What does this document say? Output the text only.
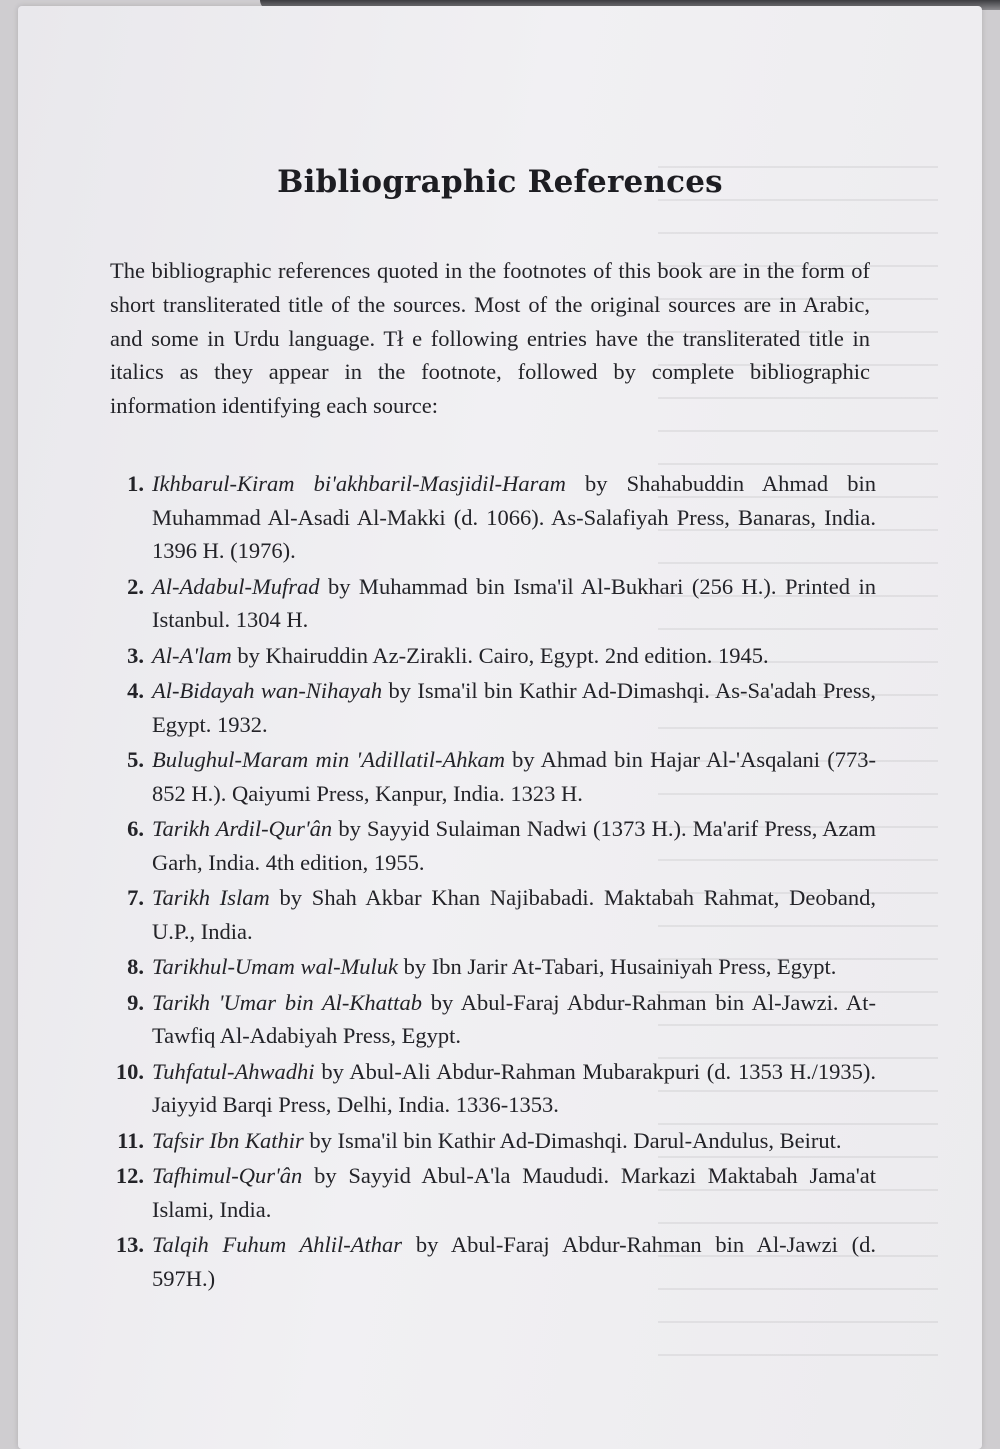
Bibliographic References

The bibliographic references quoted in the footnotes of this book are in the form of short transliterated title of the sources. Most of the original sources are in Arabic, and some in Urdu language. Tł e following entries have the transliterated title in italics as they appear in the footnote, followed by complete bibliographic information identifying each source:

1. Ikhbarul-Kiram bi'akhbaril-Masjidil-Haram by Shahabuddin Ahmad bin Muhammad Al-Asadi Al-Makki (d. 1066). As-Salafiyah Press, Banaras, India. 1396 H. (1976).
2. Al-Adabul-Mufrad by Muhammad bin Isma'il Al-Bukhari (256 H.). Printed in Istanbul. 1304 H.
3. Al-A'lam by Khairuddin Az-Zirakli. Cairo, Egypt. 2nd edition. 1945.
4. Al-Bidayah wan-Nihayah by Isma'il bin Kathir Ad-Dimashqi. As-Sa'adah Press, Egypt. 1932.
5. Bulughul-Maram min 'Adillatil-Ahkam by Ahmad bin Hajar Al-'Asqalani (773-852 H.). Qaiyumi Press, Kanpur, India. 1323 H.
6. Tarikh Ardil-Qur'ân by Sayyid Sulaiman Nadwi (1373 H.). Ma'arif Press, Azam Garh, India. 4th edition, 1955.
7. Tarikh Islam by Shah Akbar Khan Najibabadi. Maktabah Rahmat, Deoband, U.P., India.
8. Tarikhul-Umam wal-Muluk by Ibn Jarir At-Tabari, Husainiyah Press, Egypt.
9. Tarikh 'Umar bin Al-Khattab by Abul-Faraj Abdur-Rahman bin Al-Jawzi. At-Tawfiq Al-Adabiyah Press, Egypt.
10. Tuhfatul-Ahwadhi by Abul-Ali Abdur-Rahman Mubarakpuri (d. 1353 H./1935). Jaiyyid Barqi Press, Delhi, India. 1336-1353.
11. Tafsir Ibn Kathir by Isma'il bin Kathir Ad-Dimashqi. Darul-Andulus, Beirut.
12. Tafhimul-Qur'ân by Sayyid Abul-A'la Maududi. Markazi Maktabah Jama'at Islami, India.
13. Talqih Fuhum Ahlil-Athar by Abul-Faraj Abdur-Rahman bin Al-Jawzi (d. 597H.)
